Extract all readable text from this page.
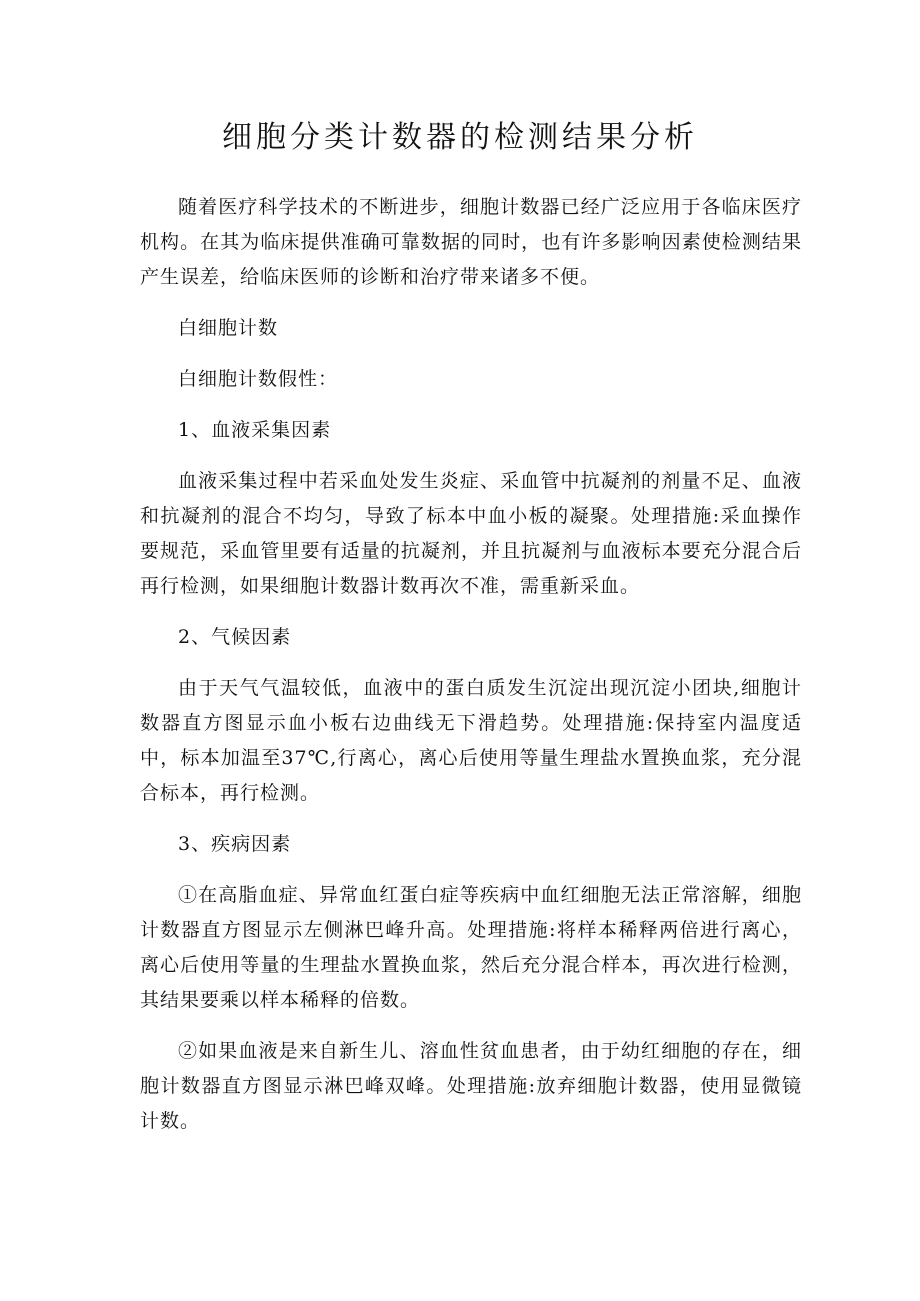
细胞分类计数器的检测结果分析

随着医疗科学技术的不断进步，细胞计数器已经广泛应用于各临床医疗机构。在其为临床提供准确可靠数据的同时，也有许多影响因素使检测结果产生误差，给临床医师的诊断和治疗带来诸多不便。

白细胞计数

白细胞计数假性：

1、血液采集因素

血液采集过程中若采血处发生炎症、采血管中抗凝剂的剂量不足、血液和抗凝剂的混合不均匀，导致了标本中血小板的凝聚。处理措施:采血操作要规范，采血管里要有适量的抗凝剂，并且抗凝剂与血液标本要充分混合后再行检测，如果细胞计数器计数再次不准，需重新采血。

2、气候因素

由于天气气温较低，血液中的蛋白质发生沉淀出现沉淀小团块,细胞计数器直方图显示血小板右边曲线无下滑趋势。处理措施:保持室内温度适中，标本加温至37℃,行离心，离心后使用等量生理盐水置换血浆，充分混合标本，再行检测。

3、疾病因素

①在高脂血症、异常血红蛋白症等疾病中血红细胞无法正常溶解，细胞计数器直方图显示左侧淋巴峰升高。处理措施:将样本稀释两倍进行离心，离心后使用等量的生理盐水置换血浆，然后充分混合样本，再次进行检测，其结果要乘以样本稀释的倍数。

②如果血液是来自新生儿、溶血性贫血患者，由于幼红细胞的存在，细胞计数器直方图显示淋巴峰双峰。处理措施:放弃细胞计数器，使用显微镜计数。
